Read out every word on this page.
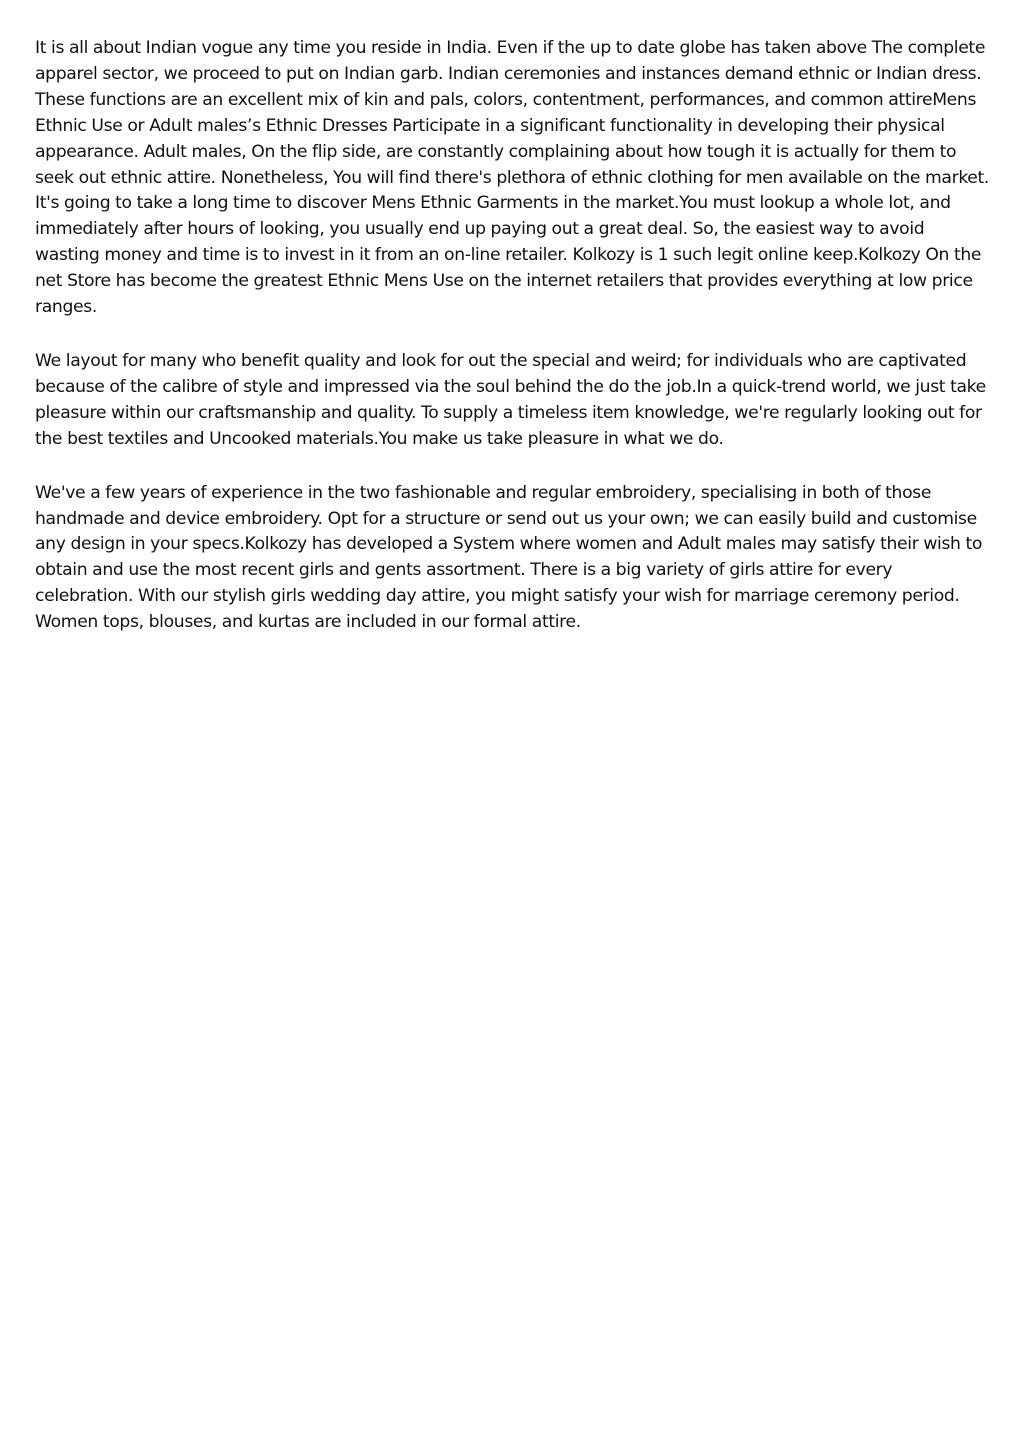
It is all about Indian vogue any time you reside in India. Even if the up to date globe has taken above The complete apparel sector, we proceed to put on Indian garb. Indian ceremonies and instances demand ethnic or Indian dress. These functions are an excellent mix of kin and pals, colors, contentment, performances, and common attireMens Ethnic Use or Adult males’s Ethnic Dresses Participate in a significant functionality in developing their physical appearance. Adult males, On the flip side, are constantly complaining about how tough it is actually for them to seek out ethnic attire. Nonetheless, You will find there's plethora of ethnic clothing for men available on the market. It's going to take a long time to discover Mens Ethnic Garments in the market.You must lookup a whole lot, and immediately after hours of looking, you usually end up paying out a great deal. So, the easiest way to avoid wasting money and time is to invest in it from an on-line retailer. Kolkozy is 1 such legit online keep.Kolkozy On the net Store has become the greatest Ethnic Mens Use on the internet retailers that provides everything at low price ranges.

We layout for many who benefit quality and look for out the special and weird; for individuals who are captivated because of the calibre of style and impressed via the soul behind the do the job.In a quick-trend world, we just take pleasure within our craftsmanship and quality. To supply a timeless item knowledge, we're regularly looking out for the best textiles and Uncooked materials.You make us take pleasure in what we do.

We've a few years of experience in the two fashionable and regular embroidery, specialising in both of those handmade and device embroidery. Opt for a structure or send out us your own; we can easily build and customise any design in your specs.Kolkozy has developed a System where women and Adult males may satisfy their wish to obtain and use the most recent girls and gents assortment. There is a big variety of girls attire for every celebration. With our stylish girls wedding day attire, you might satisfy your wish for marriage ceremony period. Women tops, blouses, and kurtas are included in our formal attire.
